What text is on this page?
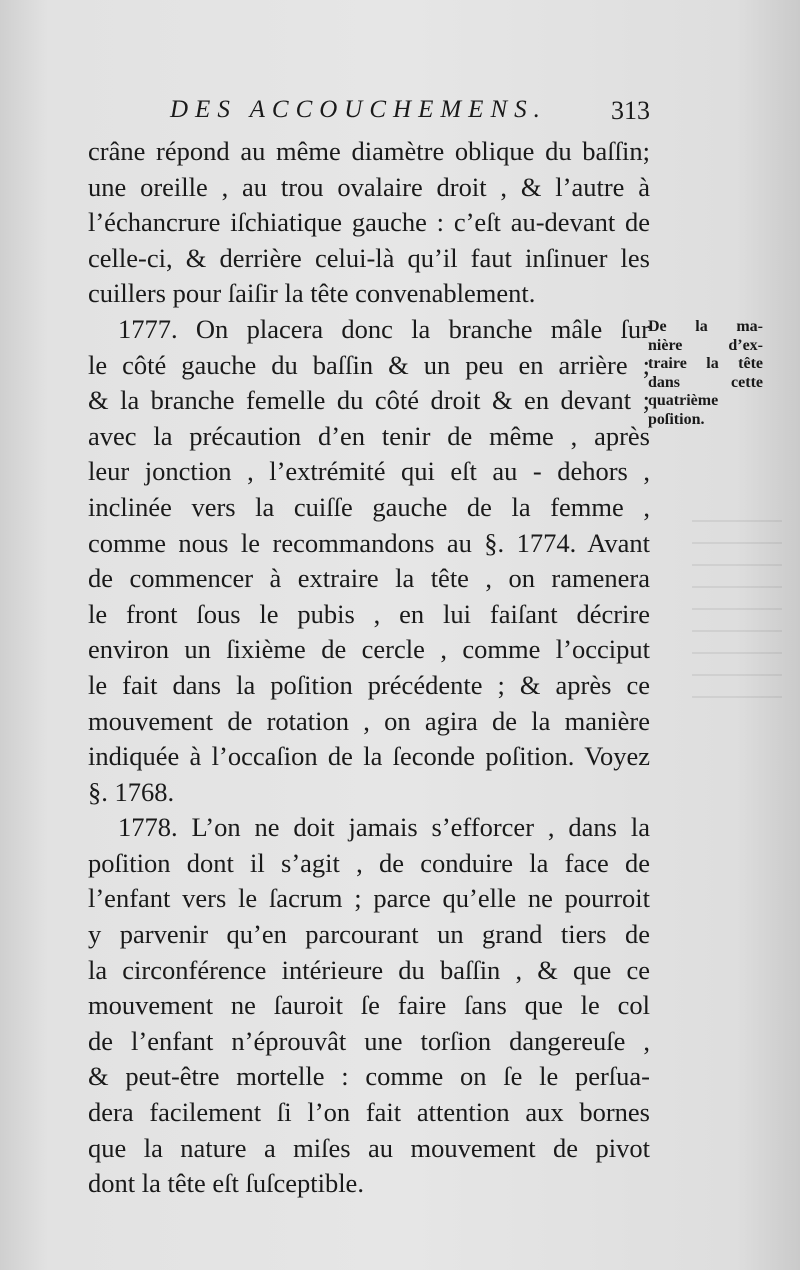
DES ACCOUCHEMENS. 313
crâne répond au même diamètre oblique du baſſin;
une oreille , au trou ovalaire droit , & l’autre à
l’échancrure iſchiatique gauche : c’eſt au-devant de
celle-ci, & derrière celui-là qu’il faut inſinuer les
cuillers pour ſaiſir la tête convenablement.
1777. On placera donc la branche mâle ſur
le côté gauche du baſſin & un peu en arrière ;
& la branche femelle du côté droit & en devant ;
avec la précaution d’en tenir de même , après
leur jonction , l’extrémité qui eſt au - dehors ,
inclinée vers la cuiſſe gauche de la femme ,
comme nous le recommandons au §. 1774. Avant
de commencer à extraire la tête , on ramenera
le front ſous le pubis , en lui faiſant décrire
environ un ſixième de cercle , comme l’occiput
le fait dans la poſition précédente ; & après ce
mouvement de rotation , on agira de la manière
indiquée à l’occaſion de la ſeconde poſition. Voyez
§. 1768.
1778. L’on ne doit jamais s’efforcer , dans la
poſition dont il s’agit , de conduire la face de
l’enfant vers le ſacrum ; parce qu’elle ne pourroit
y parvenir qu’en parcourant un grand tiers de
la circonférence intérieure du baſſin , & que ce
mouvement ne ſauroit ſe faire ſans que le col
de l’enfant n’éprouvât une torſion dangereuſe ,
& peut-être mortelle : comme on ſe le perſua-
dera facilement ſi l’on fait attention aux bornes
que la nature a miſes au mouvement de pivot
dont la tête eſt ſuſceptible.
De la ma-
nière d’ex-
traire la tête
dans cette
quatrième
poſition.
